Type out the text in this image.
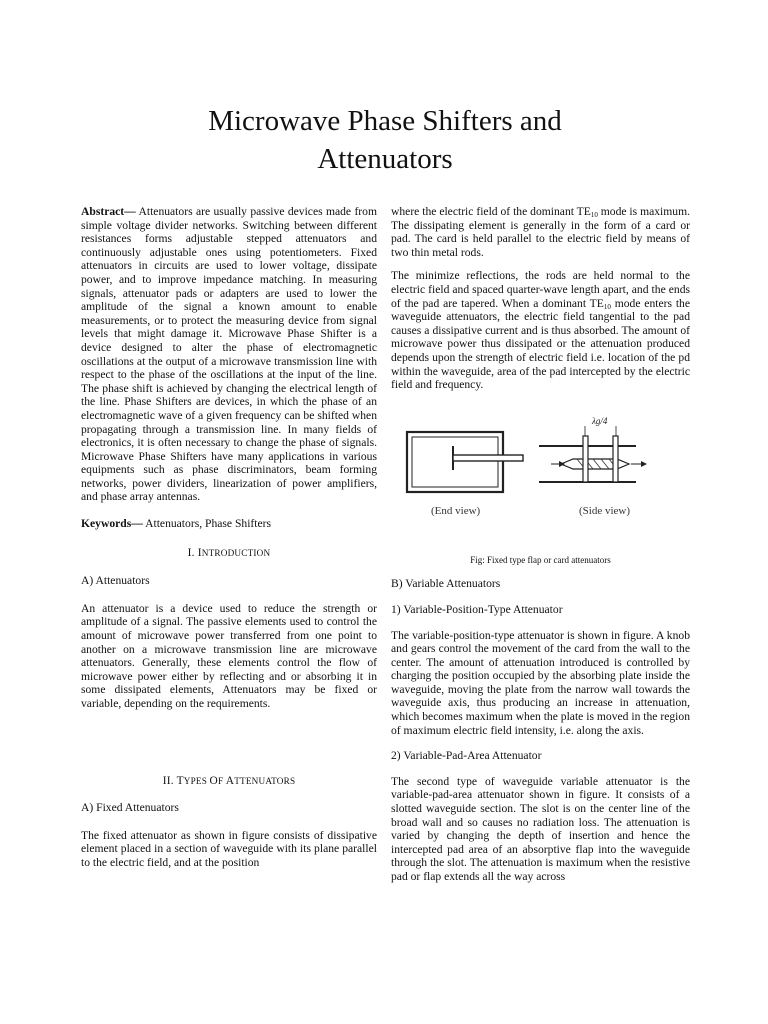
Microwave Phase Shifters and
Attenuators

Abstract— Attenuators are usually passive devices made from simple voltage divider networks. Switching between different resistances forms adjustable stepped attenuators and continuously adjustable ones using potentiometers. Fixed attenuators in circuits are used to lower voltage, dissipate power, and to improve impedance matching. In measuring signals, attenuator pads or adapters are used to lower the amplitude of the signal a known amount to enable measurements, or to protect the measuring device from signal levels that might damage it. Microwave Phase Shifter is a device designed to alter the phase of electromagnetic oscillations at the output of a microwave transmission line with respect to the phase of the oscillations at the input of the line. The phase shift is achieved by changing the electrical length of the line. Phase Shifters are devices, in which the phase of an electromagnetic wave of a given frequency can be shifted when propagating through a transmission line. In many fields of electronics, it is often necessary to change the phase of signals. Microwave Phase Shifters have many applications in various equipments such as phase discriminators, beam forming networks, power dividers, linearization of power amplifiers, and phase array antennas.

Keywords— Attenuators, Phase Shifters

I. INTRODUCTION

A) Attenuators

An attenuator is a device used to reduce the strength or amplitude of a signal. The passive elements used to control the amount of microwave power transferred from one point to another on a microwave transmission line are microwave attenuators. Generally, these elements control the flow of microwave power either by reflecting and or absorbing it in some dissipated elements, Attenuators may be fixed or variable, depending on the requirements.

II. TYPES OF ATTENUATORS

A) Fixed Attenuators

The fixed attenuator as shown in figure consists of dissipative element placed in a section of waveguide with its plane parallel to the electric field, and at the position

where the electric field of the dominant $TE_{10}$ mode is maximum. The dissipating element is generally in the form of a card or pad. The card is held parallel to the electric field by means of two thin metal rods.

The minimize reflections, the rods are held normal to the electric field and spaced quarter-wave length apart, and the ends of the pad are tapered. When a dominant $TE_{10}$ mode enters the waveguide attenuators, the electric field tangential to the pad causes a dissipative current and is thus absorbed. The amount of microwave power thus dissipated or the attenuation produced depends upon the strength of electric field i.e. location of the pd within the waveguide, area of the pad intercepted by the electric field and frequency.

λg/4
(End view)	(Side view)

Fig: Fixed type flap or card attenuators

B) Variable Attenuators

1) Variable-Position-Type Attenuator

The variable-position-type attenuator is shown in figure. A knob and gears control the movement of the card from the wall to the center. The amount of attenuation introduced is controlled by charging the position occupied by the absorbing plate inside the waveguide, moving the plate from the narrow wall towards the waveguide axis, thus producing an increase in attenuation, which becomes maximum when the plate is moved in the region of maximum electric field intensity, i.e. along the axis.

2) Variable-Pad-Area Attenuator

The second type of waveguide variable attenuator is the variable-pad-area attenuator shown in figure. It consists of a slotted waveguide section. The slot is on the center line of the broad wall and so causes no radiation loss. The attenuation is varied by changing the depth of insertion and hence the intercepted pad area of an absorptive flap into the waveguide through the slot. The attenuation is maximum when the resistive pad or flap extends all the way across
